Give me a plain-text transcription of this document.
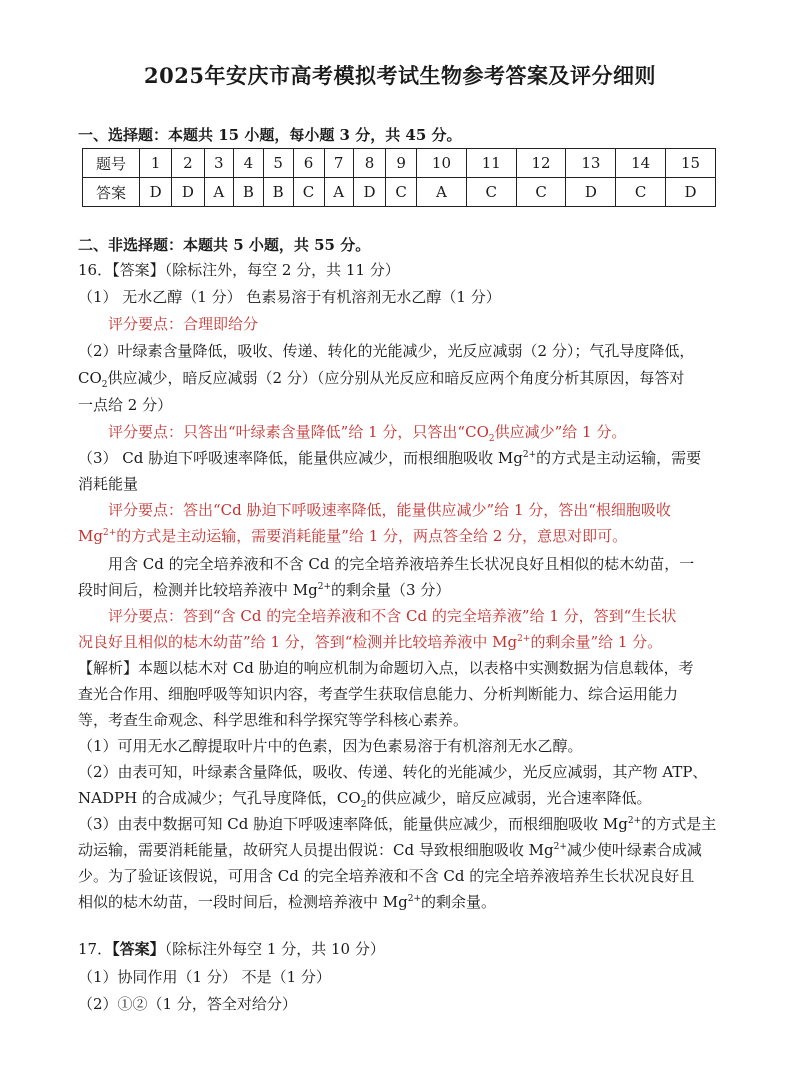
2025年安庆市高考模拟考试生物参考答案及评分细则
一、选择题：本题共 15 小题，每小题 3 分，共 45 分。
题号	1	2	3	4	5	6	7	8	9	10	11	12	13	14	15
答案	D	D	A	B	B	C	A	D	C	A	C	C	D	C	D
二、非选择题：本题共 5 小题，共 55 分。
16．【答案】（除标注外，每空 2 分，共 11 分）
（1） 无水乙醇（1 分） 色素易溶于有机溶剂无水乙醇（1 分）
评分要点：合理即给分
（2）叶绿素含量降低，吸收、传递、转化的光能减少，光反应减弱（2 分）；气孔导度降低，
$CO_2$供应减少，暗反应减弱（2 分）（应分别从光反应和暗反应两个角度分析其原因，每答对
一点给 2 分）
评分要点：只答出“叶绿素含量降低”给 1 分，只答出“$CO_2$供应减少”给 1 分。
（3） Cd 胁迫下呼吸速率降低，能量供应减少，而根细胞吸收 $Mg^{2+}$的方式是主动运输，需要
消耗能量
评分要点：答出“Cd 胁迫下呼吸速率降低，能量供应减少”给 1 分，答出“根细胞吸收
$Mg^{2+}$的方式是主动运输，需要消耗能量”给 1 分，两点答全给 2 分，意思对即可。
用含 Cd 的完全培养液和不含 Cd 的完全培养液培养生长状况良好且相似的梽木幼苗，一
段时间后，检测并比较培养液中 $Mg^{2+}$的剩余量（3 分）
评分要点：答到“含 Cd 的完全培养液和不含 Cd 的完全培养液”给 1 分，答到“生长状
况良好且相似的梽木幼苗”给 1 分，答到“检测并比较培养液中 $Mg^{2+}$的剩余量”给 1 分。
【解析】本题以梽木对 Cd 胁迫的响应机制为命题切入点，以表格中实测数据为信息载体，考
查光合作用、细胞呼吸等知识内容，考查学生获取信息能力、分析判断能力、综合运用能力
等，考查生命观念、科学思维和科学探究等学科核心素养。
（1）可用无水乙醇提取叶片中的色素，因为色素易溶于有机溶剂无水乙醇。
（2）由表可知，叶绿素含量降低，吸收、传递、转化的光能减少，光反应减弱，其产物 ATP、
NADPH 的合成减少；气孔导度降低，$CO_2$的供应减少，暗反应减弱，光合速率降低。
（3）由表中数据可知 Cd 胁迫下呼吸速率降低，能量供应减少，而根细胞吸收 $Mg^{2+}$的方式是主
动运输，需要消耗能量，故研究人员提出假说：Cd 导致根细胞吸收 $Mg^{2+}$减少使叶绿素合成减
少。为了验证该假说，可用含 Cd 的完全培养液和不含 Cd 的完全培养液培养生长状况良好且
相似的梽木幼苗，一段时间后，检测培养液中 $Mg^{2+}$的剩余量。
17．【答案】（除标注外每空 1 分，共 10 分）
（1）协同作用（1 分） 不是（1 分）
（2）①②（1 分，答全对给分）
